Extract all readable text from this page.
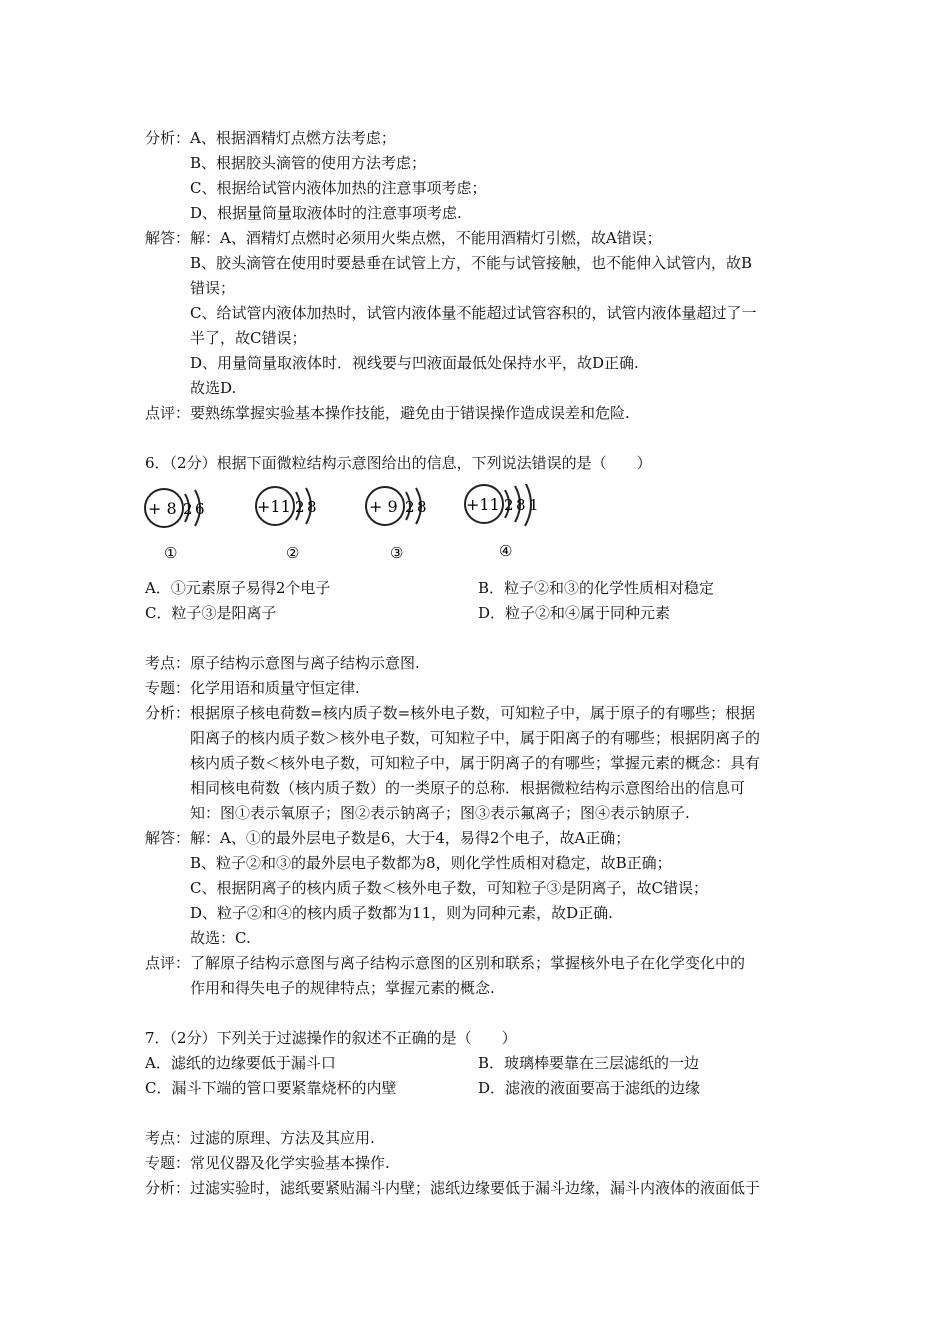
分析： A、根据酒精灯点燃方法考虑；
B、根据胶头滴管的使用方法考虑；
C、根据给试管内液体加热的注意事项考虑；
D、根据量筒量取液体时的注意事项考虑.
解答： 解：A、酒精灯点燃时必须用火柴点燃，不能用酒精灯引燃，故A错误；
B、胶头滴管在使用时要悬垂在试管上方，不能与试管接触，也不能伸入试管内，故B
错误；
C、给试管内液体加热时，试管内液体量不能超过试管容积的，试管内液体量超过了一
半了，故C错误；
D、用量筒量取液体时．视线要与凹液面最低处保持水平，故D正确.
故选D.
点评： 要熟练掌握实验基本操作技能，避免由于错误操作造成误差和危险.
6．（2分）根据下面微粒结构示意图给出的信息，下列说法错误的是（　　）
+ 8 2 6
①
+11 2 8
②
+ 9 2 8
③
+11 2 8 1
④
A．①元素原子易得2个电子	B．粒子②和③的化学性质相对稳定
C．粒子③是阳离子	D．粒子②和④属于同种元素
考点： 原子结构示意图与离子结构示意图.
专题： 化学用语和质量守恒定律.
分析： 根据原子核电荷数=核内质子数=核外电子数，可知粒子中，属于原子的有哪些；根据
阳离子的核内质子数＞核外电子数，可知粒子中，属于阳离子的有哪些；根据阴离子的
核内质子数＜核外电子数，可知粒子中，属于阴离子的有哪些；掌握元素的概念：具有
相同核电荷数（核内质子数）的一类原子的总称．根据微粒结构示意图给出的信息可
知：图①表示氧原子；图②表示钠离子；图③表示氟离子；图④表示钠原子.
解答： 解：A、①的最外层电子数是6，大于4，易得2个电子，故A正确；
B、粒子②和③的最外层电子数都为8，则化学性质相对稳定，故B正确；
C、根据阴离子的核内质子数＜核外电子数，可知粒子③是阴离子，故C错误；
D、粒子②和④的核内质子数都为11，则为同种元素，故D正确.
故选：C.
点评： 了解原子结构示意图与离子结构示意图的区别和联系；掌握核外电子在化学变化中的
作用和得失电子的规律特点；掌握元素的概念.
7．（2分）下列关于过滤操作的叙述不正确的是（　　）
A．滤纸的边缘要低于漏斗口	B．玻璃棒要靠在三层滤纸的一边
C．漏斗下端的管口要紧靠烧杯的内壁	D．滤液的液面要高于滤纸的边缘
考点： 过滤的原理、方法及其应用.
专题： 常见仪器及化学实验基本操作.
分析： 过滤实验时，滤纸要紧贴漏斗内壁；滤纸边缘要低于漏斗边缘，漏斗内液体的液面低于
